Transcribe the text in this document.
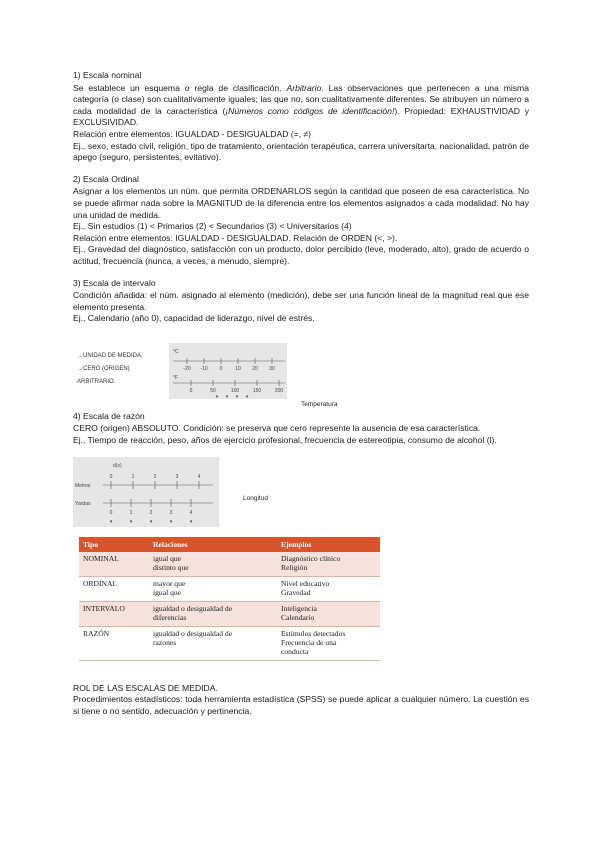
1) Escala nominal

Se establece un esquema o regla de clasificación. Arbitrario. Las observaciones que pertenecen a una misma categoría (o clase) son cualitativamente iguales; las que no, son cualitativamente diferentes. Se atribuyen un número a cada modalidad de la característica (¡Números como códigos de identificación!). Propiedad: EXHAUSTIVIDAD y EXCLUSIVIDAD.

Relación entre elementos: IGUALDAD - DESIGUALDAD (=, ≠)

Ej., sexo, estado civil, religión, tipo de tratamiento, orientación terapéutica, carrera universitarta, nacionalidad, patrón de apego (seguro, persistentes, evitativo).

2) Escala Ordinal

Asignar a los elementos un núm. que permita ORDENARLOS según la cantidad que poseen de esa característica. No se puede afirmar nada sobre la MAGNITUD de la diferencia entre los elementos asignados a cada modalidad. No hay una unidad de medida.

Ej., Sin estudios (1) < Primarios (2) < Secundarios (3) < Universitarios (4)

Relación entre elementos: IGUALDAD - DESIGUALDAD. Relación de ORDEN (<, >).

Ej., Gravedad del diagnóstico, satisfacción con un producto, dolor percibido (leve, moderado, alto), grado de acuerdo o actitud, frecuencia (nunca, a veces, a menudo, siempre).

3) Escala de intervalo

Condición añadida: el núm. asignado al elemento (medición), debe ser una función lineal de la magnitud real que ese elemento presenta.

Ej., Calendario (año 0), capacidad de liderazgo, nivel de estrés.

→UNIDAD DE MEDIDA.
→CERO (ORIGEN)
ARBITRARIO.
-20 -10 0	10 20 30
0	50	100	150	200
▾ ▾ ▾ ▾
°C
°F
Temperatura

4) Escala de razón

CERO (origen) ABSOLUTO. Condición: se preserva que cero represente la ausencia de esa característica.

Ej., Tiempo de reacción, peso, años de ejercicio profesional, frecuencia de estereotipia, consumo de alcohol (l).

d(x)
Metros
Yardas
0	1	2	3	4
0	1	2	3	4
▾	▾	▾	▾	▾
Longitud
Tipo	Relaciones	Ejemplos
NOMINAL	igual que
distinto que	Diagnóstico clínico
Religión

ORDINAL	mayor que
igual que	Nivel educativo
Gravedad

INTERVALO	igualdad o desigualdad de
diferencias	Inteligencia
Calendario

RAZÓN	igualdad o desigualdad de
razones	Estímulos detectados
Frecuencia de una
conducta

ROL DE LAS ESCALAS DE MEDIDA.

Procedimientos estadísticos: toda herramienta estadística (SPSS) se puede aplicar a cualquier número. La cuestión es si tiene o no sentido, adecuación y pertinencia.
